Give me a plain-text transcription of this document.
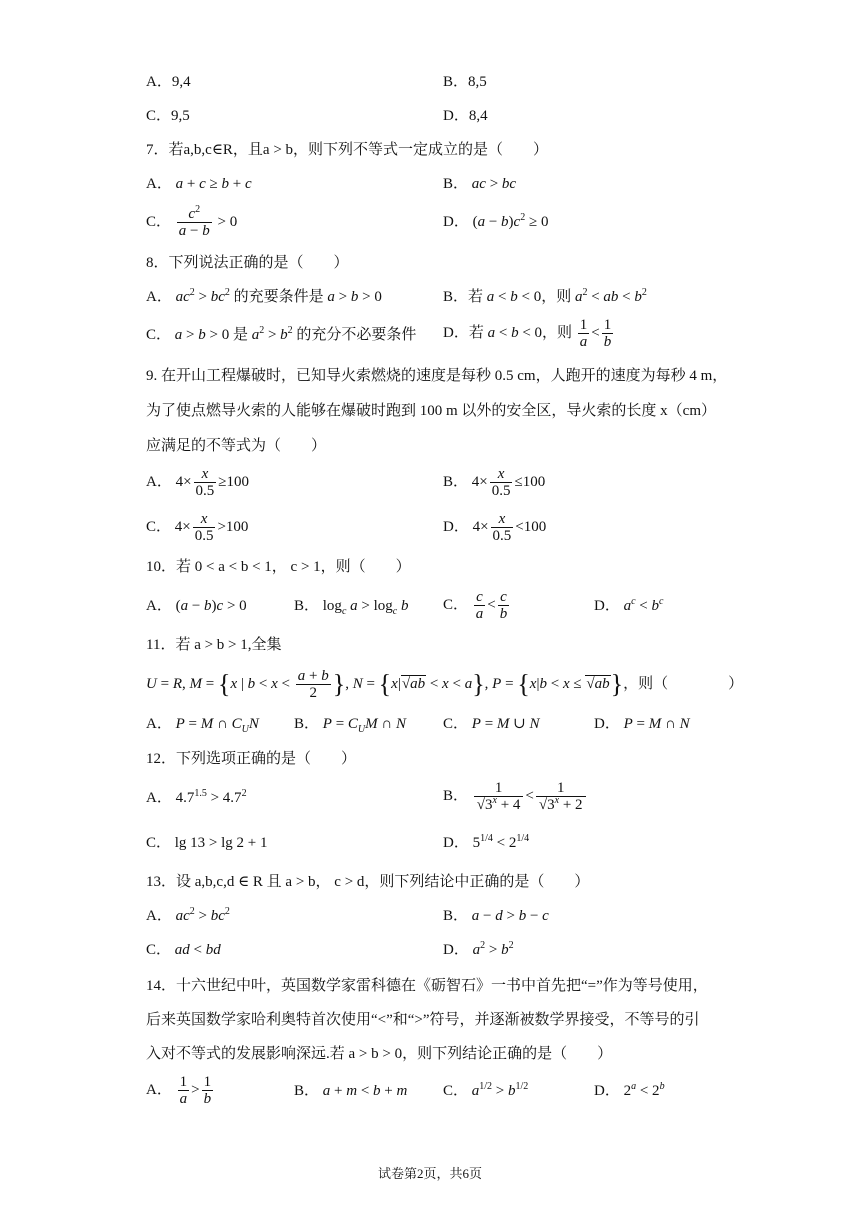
A．9,4	B．8,5
C．9,5	D．8,4
7．若a,b,c∈R，且a > b，则下列不等式一定成立的是（　　）
A． a + c ≥ b + c	B． ac > bc
C． $\frac{c^2}{a - b} > 0$	D． $(a - b)c^2 \ge 0$
8．下列说法正确的是（　　）
A． $ac^2 > bc^2$ 的充要条件是 a > b > 0	B．若 a < b < 0，则 $a^2$ < ab < $b^2$
C． a > b > 0 是 $a^2 > b^2$ 的充分不必要条件 D．若 a < b < 0，则 $\frac{1}{a} < \frac{1}{b}$
9. 在开山工程爆破时，已知导火索燃烧的速度是每秒 0.5 cm，人跑开的速度为每秒 4 m，
为了使点燃导火索的人能够在爆破时跑到 100 m 以外的安全区，导火索的长度 x（cm）
应满足的不等式为（　　）
A． $4\times \frac{x}{0.5} \ge 100$	B． $4\times \frac{x}{0.5} \le 100$
C． $4\times \frac{x}{0.5} >100$	D． $4\times \frac{x}{0.5} <100$
10．若 0 < a < b < 1， c > 1，则（　　）
A． (a − b)c > 0	B． $\log_c a > \log_c b$ C． $\frac{c}{a} < \frac{c}{b}$	D． $a^c < b^c$
11．若 a > b > 1,全集
U = R, M = {x | $b < x < \frac{a + b}{2}$ }, N = {x|√ab < x < a}, P = {x|b < x ≤ √ab}，则（　　　　）
A． P = M ∩ $C_UN$ B． $P = C_UM$ ∩ N C． P = M ∪ N	D． P = M ∩ N
12．下列选项正确的是（　　）
A． $4.7^{1.5} > 4.7^2$	B． $\frac{1}{√3^x + 4} < \frac{1}{√3^x + 2}$
C． lg 13 > lg 2 + 1	D． $5^{1/4} < 2^{1/4}$
13．设 a,b,c,d ∈ R 且 a > b， c > d，则下列结论中正确的是（　　）
A． $ac^2 > bc^2$	B． a − d > b − c
C． ad < bd	D． $a^2 > b^2$
14．十六世纪中叶，英国数学家雷科德在《砺智石》一书中首先把“=”作为等号使用，
后来英国数学家哈利奥特首次使用“<”和“>”符号，并逐渐被数学界接受，不等号的引
入对不等式的发展影响深远.若 a > b > 0，则下列结论正确的是（　　）
A． $\frac{1}{a} > \frac{1}{b}$	B． a + m < b + m C． $a^{1/2} > b^{1/2}$	D． $2^a < 2^b$
试卷第2页，共6页
